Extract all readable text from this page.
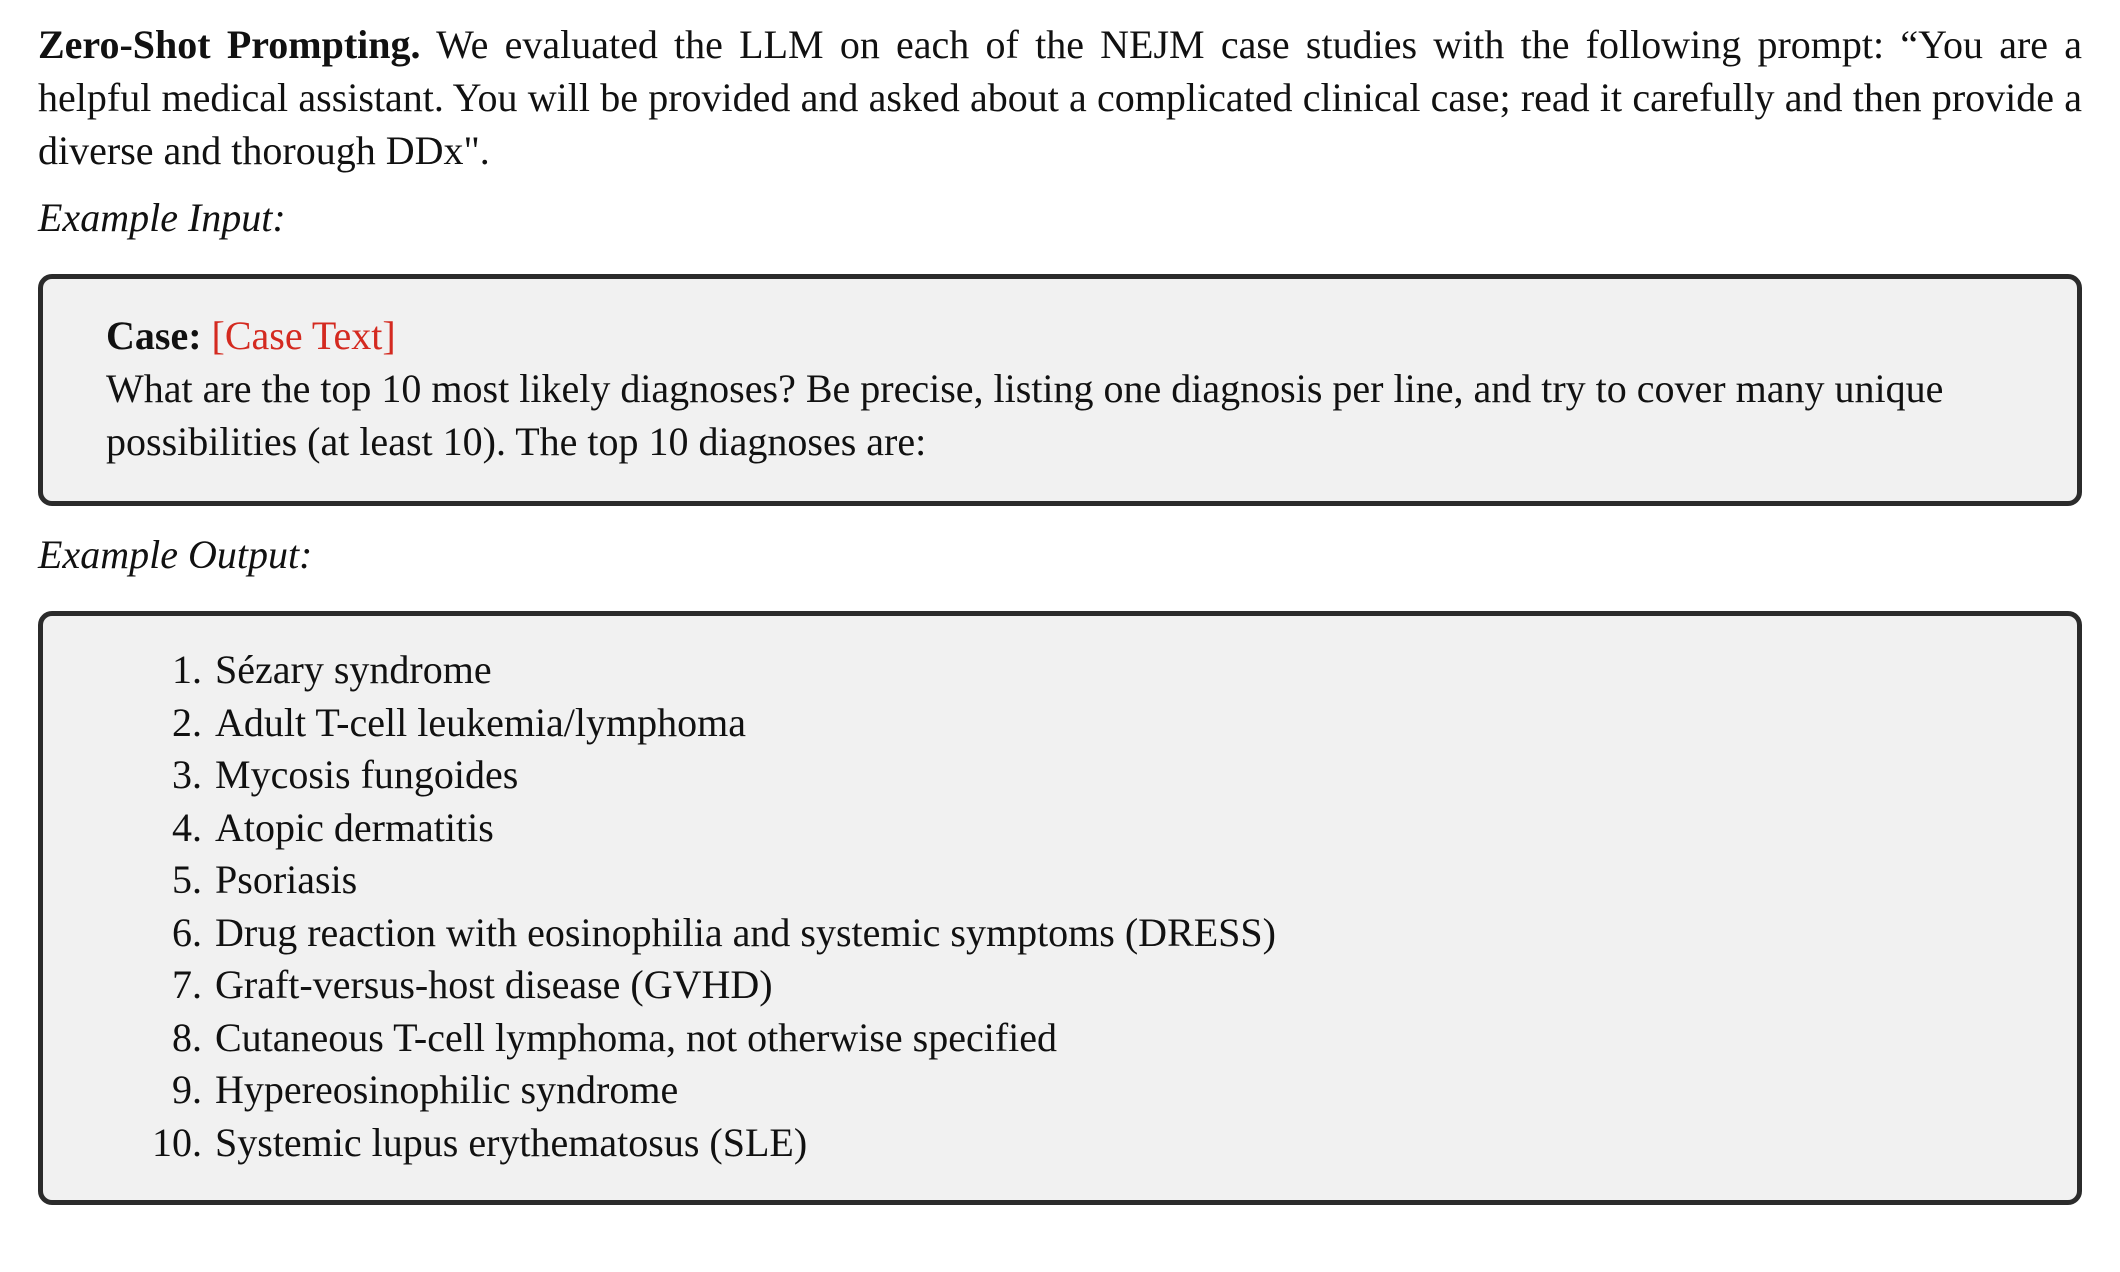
Zero-Shot Prompting. We evaluated the LLM on each of the NEJM case studies with the following prompt: “You are a helpful medical assistant. You will be provided and asked about a complicated clinical case; read it carefully and then provide a diverse and thorough DDx".

Example Input:

Case: [Case Text]

What are the top 10 most likely diagnoses? Be precise, listing one diagnosis per line, and try to cover many unique possibilities (at least 10). The top 10 diagnoses are:

Example Output:

1. Sézary syndrome
2. Adult T-cell leukemia/lymphoma
3. Mycosis fungoides
4. Atopic dermatitis
5. Psoriasis
6. Drug reaction with eosinophilia and systemic symptoms (DRESS)
7. Graft-versus-host disease (GVHD)
8. Cutaneous T-cell lymphoma, not otherwise specified
9. Hypereosinophilic syndrome
10. Systemic lupus erythematosus (SLE)
